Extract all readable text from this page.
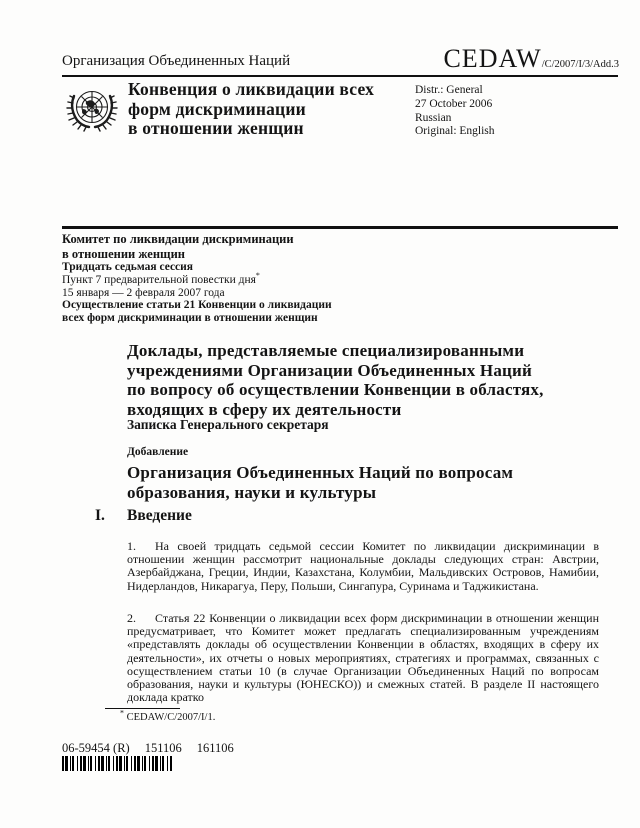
Организация Объединенных Наций	CEDAW/C/2007/I/3/Add.3
Конвенция о ликвидации всех
форм дискриминации
в отношении женщин
Distr.: General
27 October 2006
Russian
Original: English
Комитет по ликвидации дискриминации
в отношении женщин
Тридцать седьмая сессия
Пункт 7 предварительной повестки дня*
15 января — 2 февраля 2007 года
Осуществление статьи 21 Конвенции о ликвидации
всех форм дискриминации в отношении женщин
Доклады, представляемые специализированными
учреждениями Организации Объединенных Наций
по вопросу об осуществлении Конвенции в областях,
входящих в сферу их деятельности
Записка Генерального секретаря
Добавление
Организация Объединенных Наций по вопросам
образования, науки и культуры
I. Введение
1. На своей тридцать седьмой сессии Комитет по ликвидации дискриминации в отношении женщин рассмотрит национальные доклады следующих стран: Австрии, Азербайджана, Греции, Индии, Казахстана, Колумбии, Мальдивских Островов, Намибии, Нидерландов, Никарагуа, Перу, Польши, Сингапура, Суринама и Таджикистана.
2. Статья 22 Конвенции о ликвидации всех форм дискриминации в отношении женщин предусматривает, что Комитет может предлагать специализированным учреждениям «представлять доклады об осуществлении Конвенции в областях, входящих в сферу их деятельности», их отчеты о новых мероприятиях, стратегиях и программах, связанных с осуществлением статьи 10 (в случае Организации Объединенных Наций по вопросам образования, науки и культуры (ЮНЕСКО)) и смежных статей. В разделе II настоящего доклада кратко
* CEDAW/C/2007/I/1.
06-59454 (R) 151106 161106
